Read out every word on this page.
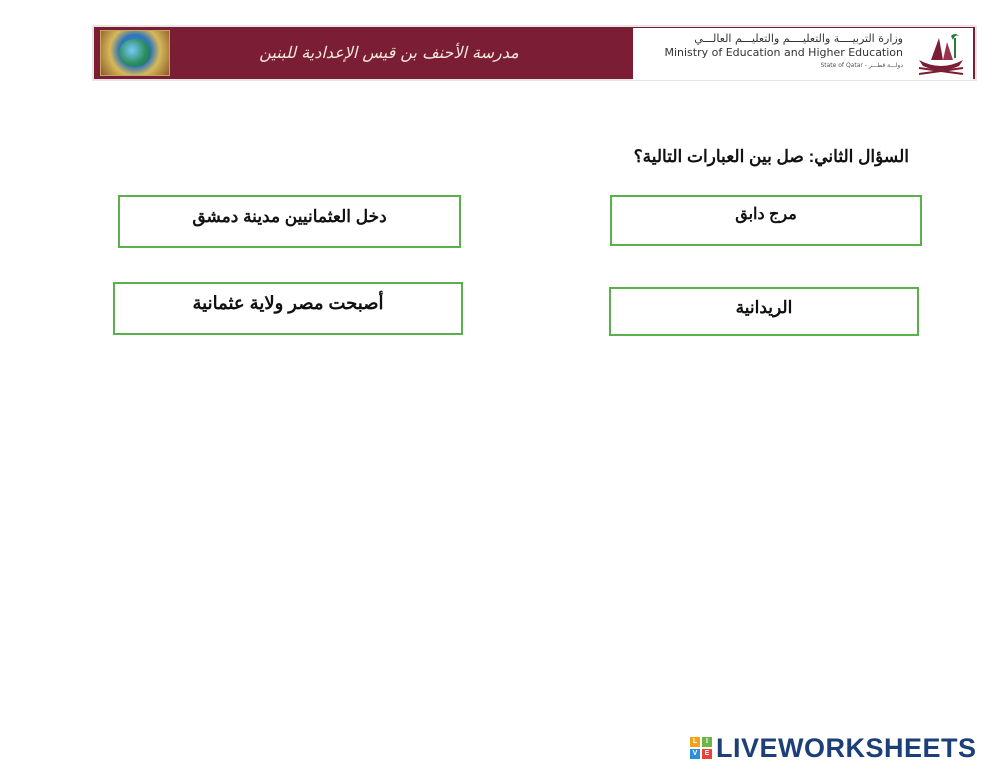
مدرسة الأحنف بن قيس الإعدادية للبنين
وزارة التربيــــة والتعليــــم والتعليـــم العالـــي
Ministry of Education and Higher Education
State of Qatar - دولـــة قطـــر
السؤال الثاني: صل بين العبارات التالية؟
دخل العثمانيين مدينة دمشق
أصبحت مصر ولاية عثمانية
مرج دابق
الريدانية
L	I
V	E LIVEWORKSHEETS
